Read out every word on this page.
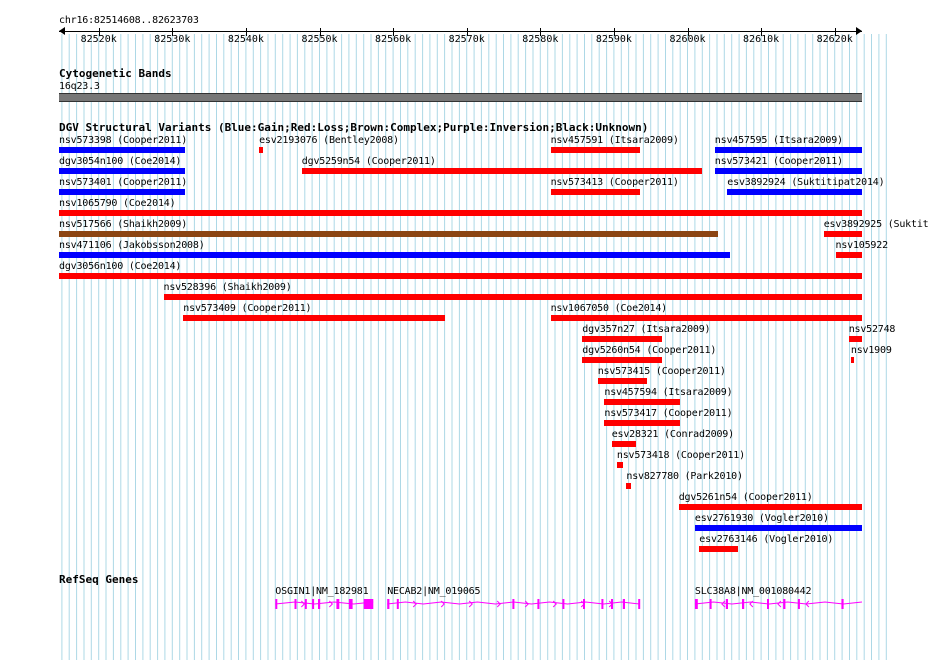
chr16:82514608..82623703
82520k	82530k	82540k	82550k	82560k	82570k	82580k	82590k	82600k	82610k	82620k
Cytogenetic Bands
16q23.3
DGV Structural Variants (Blue:Gain;Red:Loss;Brown:Complex;Purple:Inversion;Black:Unknown)
nsv573398 (Cooper2011)	esv2193076 (Bentley2008)	nsv457591 (Itsara2009)	nsv457595 (Itsara2009)
dgv3054n100 (Coe2014)	dgv5259n54 (Cooper2011)	nsv573421 (Cooper2011)
nsv573401 (Cooper2011)	nsv573413 (Cooper2011)	esv3892924 (Suktitipat2014)
nsv1065790 (Coe2014)
nsv517566 (Shaikh2009)	esv3892925 (Suktit
nsv471106 (Jakobsson2008)	nsv105922
dgv3056n100 (Coe2014)
nsv528396 (Shaikh2009)
nsv573409 (Cooper2011)	nsv1067050 (Coe2014)
dgv357n27 (Itsara2009)	nsv52748
dgv5260n54 (Cooper2011)	nsv1909
nsv573415 (Cooper2011)
nsv457594 (Itsara2009)
nsv573417 (Cooper2011)
esv28321 (Conrad2009)
nsv573418 (Cooper2011)
nsv827780 (Park2010)
dgv5261n54 (Cooper2011)
esv2761930 (Vogler2010)
esv2763146 (Vogler2010)
RefSeq Genes
OSGIN1|NM_182981 NECAB2|NM_019065	SLC38A8|NM_001080442
